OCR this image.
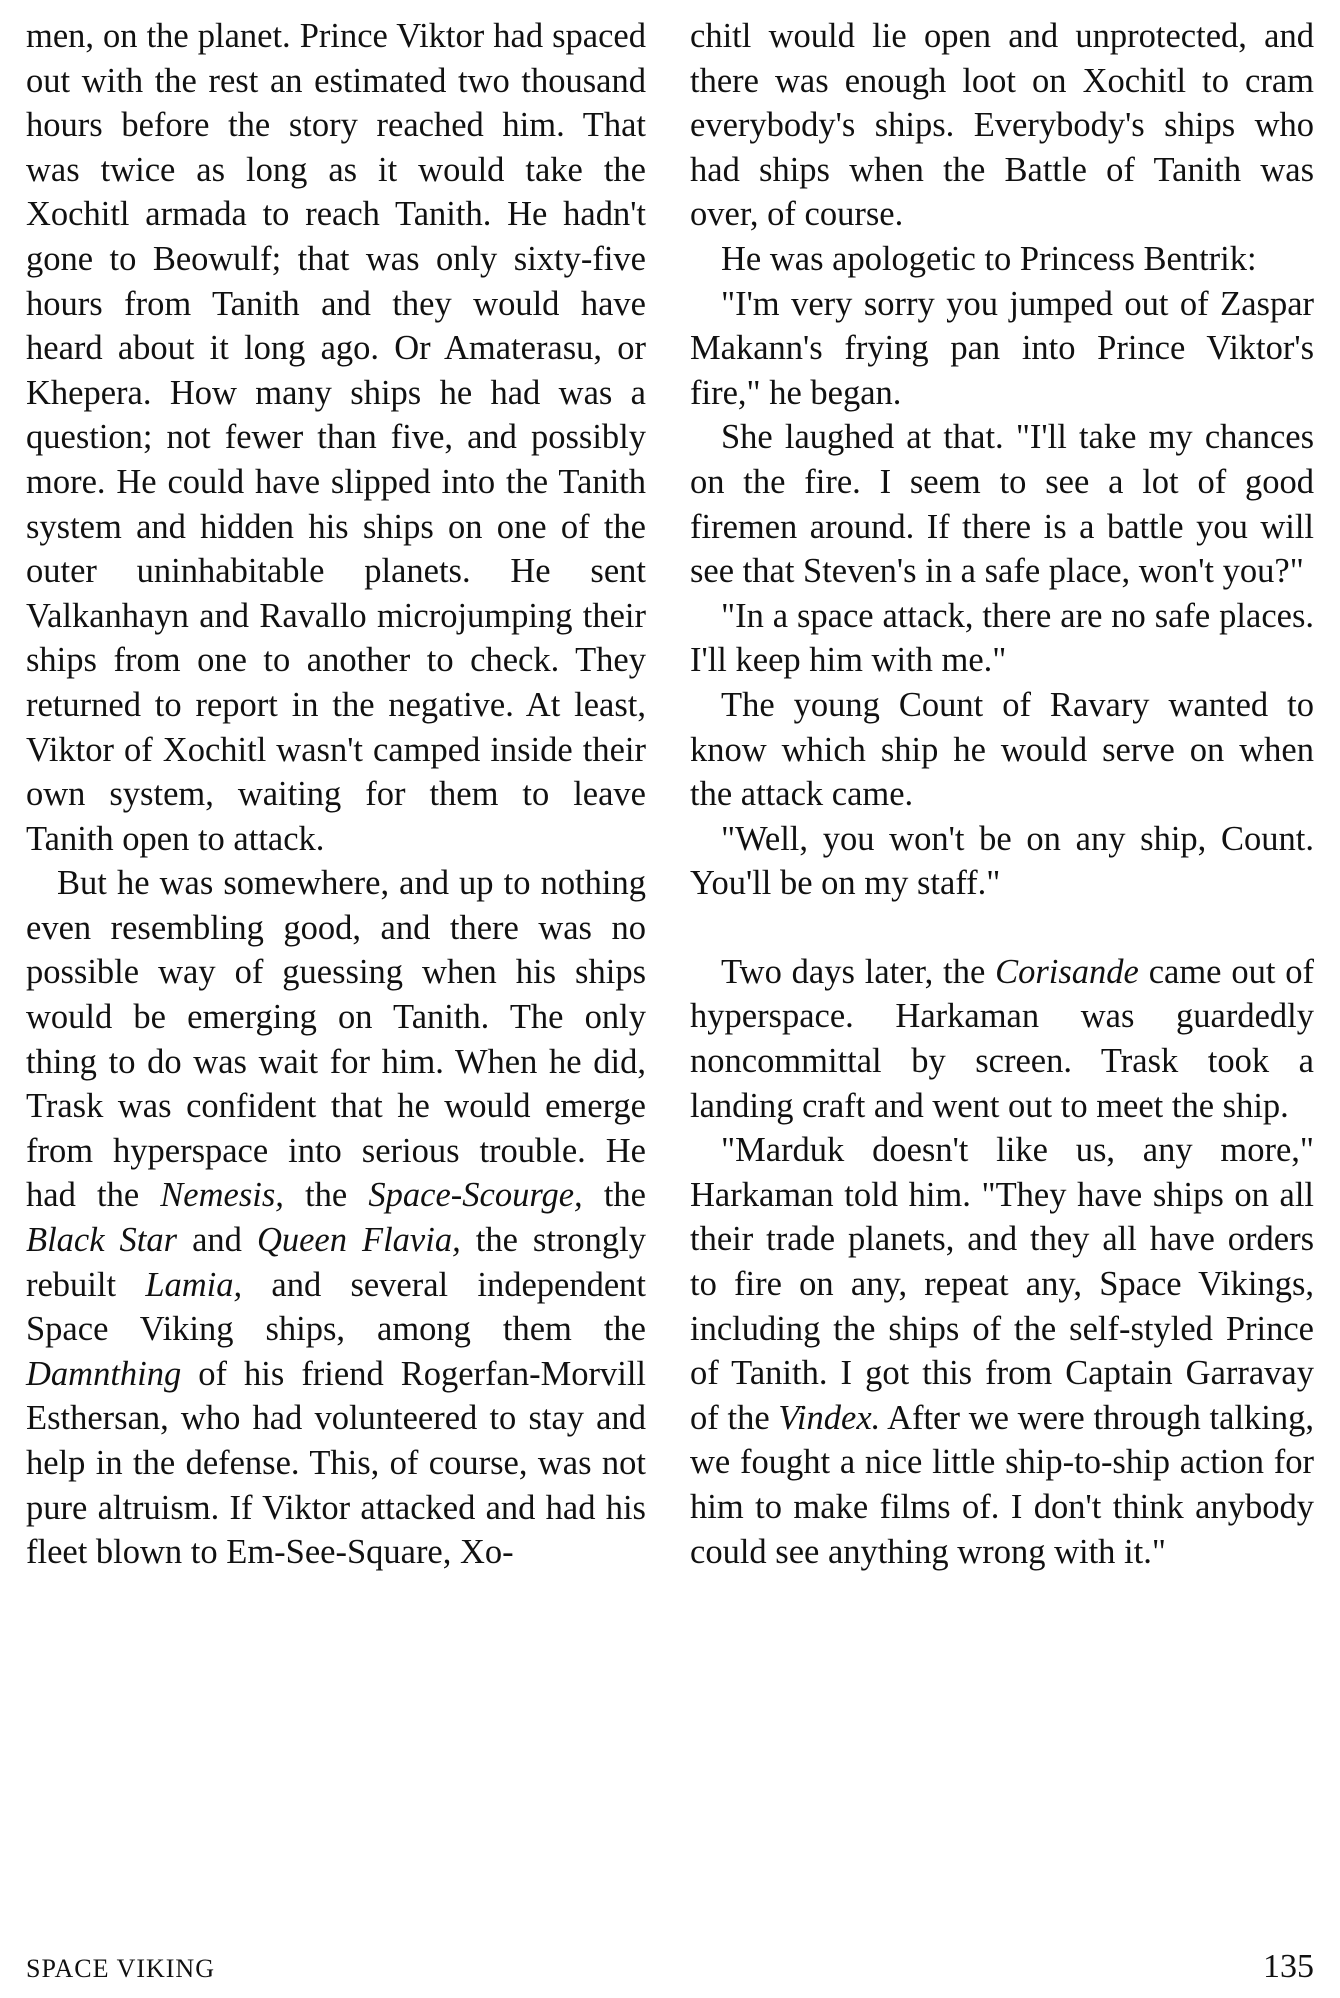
men, on the planet. Prince Viktor had spaced out with the rest an estimated two thousand hours before the story reached him. That was twice as long as it would take the Xochitl armada to reach Tanith. He hadn't gone to Beowulf; that was only sixty-five hours from Tanith and they would have heard about it long ago. Or Amaterasu, or Khepera. How many ships he had was a question; not fewer than five, and possibly more. He could have slipped into the Tanith system and hidden his ships on one of the outer uninhabitable planets. He sent Valkanhayn and Ravallo microjumping their ships from one to another to check. They returned to report in the negative. At least, Viktor of Xochitl wasn't camped inside their own system, waiting for them to leave Tanith open to attack.

But he was somewhere, and up to nothing even resembling good, and there was no possible way of guessing when his ships would be emerging on Tanith. The only thing to do was wait for him. When he did, Trask was confident that he would emerge from hyperspace into serious trouble. He had the Nemesis, the Space-Scourge, the Black Star and Queen Flavia, the strongly rebuilt Lamia, and several independent Space Viking ships, among them the Damnthing of his friend Rogerfan-Morvill Esthersan, who had volunteered to stay and help in the defense. This, of course, was not pure altruism. If Viktor attacked and had his fleet blown to Em-See-Square, Xo-

chitl would lie open and unprotected, and there was enough loot on Xochitl to cram everybody's ships. Everybody's ships who had ships when the Battle of Tanith was over, of course.

He was apologetic to Princess Bentrik:

"I'm very sorry you jumped out of Zaspar Makann's frying pan into Prince Viktor's fire," he began.

She laughed at that. "I'll take my chances on the fire. I seem to see a lot of good firemen around. If there is a battle you will see that Steven's in a safe place, won't you?"

"In a space attack, there are no safe places. I'll keep him with me."

The young Count of Ravary wanted to know which ship he would serve on when the attack came.

"Well, you won't be on any ship, Count. You'll be on my staff."

Two days later, the Corisande came out of hyperspace. Harkaman was guardedly noncommittal by screen. Trask took a landing craft and went out to meet the ship.

"Marduk doesn't like us, any more," Harkaman told him. "They have ships on all their trade planets, and they all have orders to fire on any, repeat any, Space Vikings, including the ships of the self-styled Prince of Tanith. I got this from Captain Garravay of the Vindex. After we were through talking, we fought a nice little ship-to-ship action for him to make films of. I don't think anybody could see anything wrong with it."

SPACE VIKING	135
